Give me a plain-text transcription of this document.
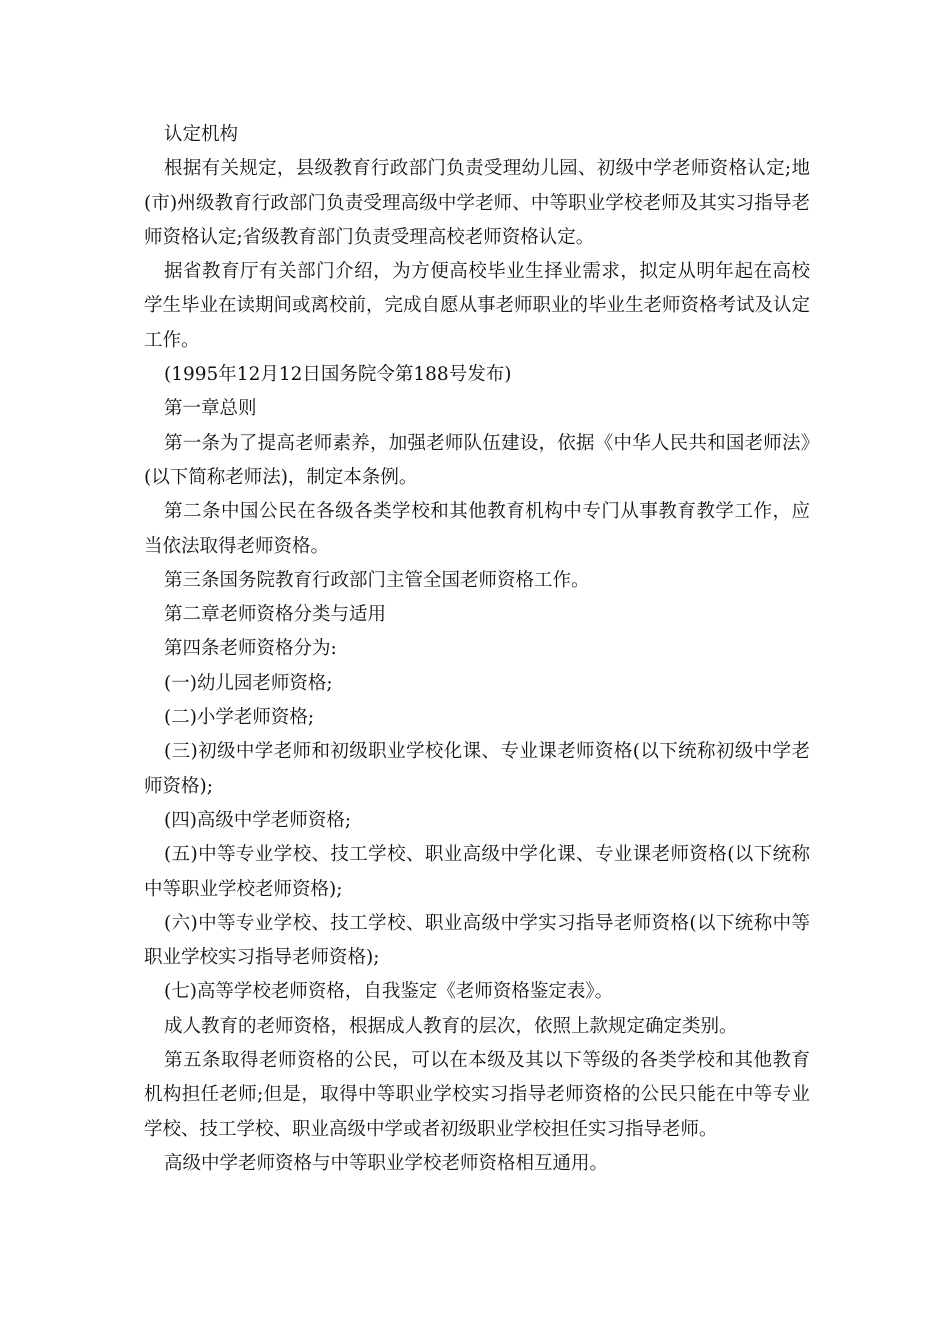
认定机构

根据有关规定，县级教育行政部门负责受理幼儿园、初级中学老师资格认定;地(市)州级教育行政部门负责受理高级中学老师、中等职业学校老师及其实习指导老师资格认定;省级教育部门负责受理高校老师资格认定。

据省教育厅有关部门介绍，为方便高校毕业生择业需求，拟定从明年起在高校学生毕业在读期间或离校前，完成自愿从事老师职业的毕业生老师资格考试及认定工作。

(1995年12月12日国务院令第188号发布)

第一章总则

第一条为了提高老师素养，加强老师队伍建设，依据《中华人民共和国老师法》(以下简称老师法)，制定本条例。

第二条中国公民在各级各类学校和其他教育机构中专门从事教育教学工作，应当依法取得老师资格。

第三条国务院教育行政部门主管全国老师资格工作。

第二章老师资格分类与适用

第四条老师资格分为:

(一)幼儿园老师资格;

(二)小学老师资格;

(三)初级中学老师和初级职业学校化课、专业课老师资格(以下统称初级中学老师资格);

(四)高级中学老师资格;

(五)中等专业学校、技工学校、职业高级中学化课、专业课老师资格(以下统称中等职业学校老师资格);

(六)中等专业学校、技工学校、职业高级中学实习指导老师资格(以下统称中等职业学校实习指导老师资格);

(七)高等学校老师资格，自我鉴定《老师资格鉴定表》。

成人教育的老师资格，根据成人教育的层次，依照上款规定确定类别。

第五条取得老师资格的公民，可以在本级及其以下等级的各类学校和其他教育机构担任老师;但是，取得中等职业学校实习指导老师资格的公民只能在中等专业学校、技工学校、职业高级中学或者初级职业学校担任实习指导老师。

高级中学老师资格与中等职业学校老师资格相互通用。
